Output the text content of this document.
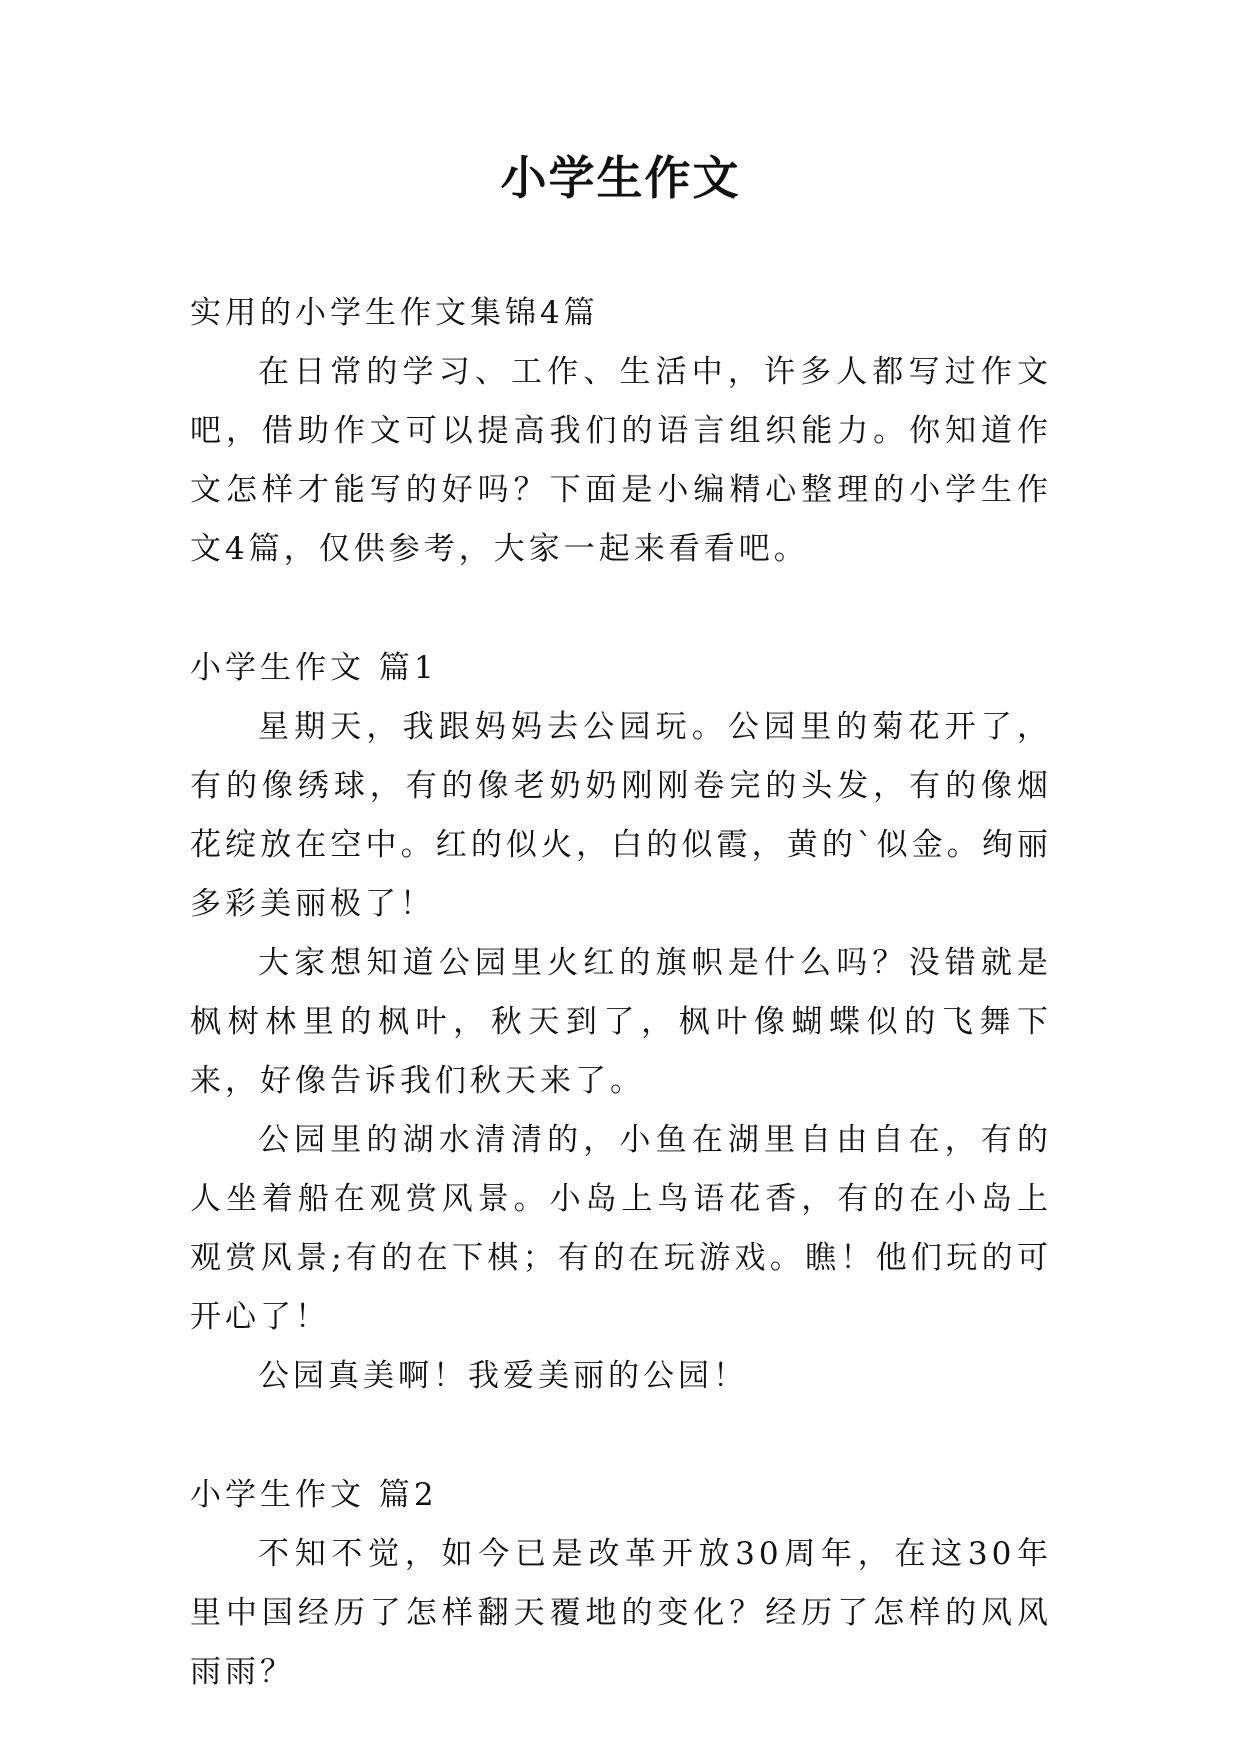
小学生作文

实用的小学生作文集锦4篇

在日常的学习、工作、生活中，许多人都写过作文吧，借助作文可以提高我们的语言组织能力。你知道作文怎样才能写的好吗？下面是小编精心整理的小学生作文4篇，仅供参考，大家一起来看看吧。

小学生作文 篇1

星期天，我跟妈妈去公园玩。公园里的菊花开了，有的像绣球，有的像老奶奶刚刚卷完的头发，有的像烟花绽放在空中。红的似火，白的似霞，黄的`似金。绚丽多彩美丽极了！

大家想知道公园里火红的旗帜是什么吗？没错就是枫树林里的枫叶，秋天到了，枫叶像蝴蝶似的飞舞下来，好像告诉我们秋天来了。

公园里的湖水清清的，小鱼在湖里自由自在，有的人坐着船在观赏风景。小岛上鸟语花香，有的在小岛上观赏风景;有的在下棋；有的在玩游戏。瞧！他们玩的可开心了！

公园真美啊！我爱美丽的公园！

小学生作文 篇2

不知不觉，如今已是改革开放30周年，在这30年里中国经历了怎样翻天覆地的变化？经历了怎样的风风雨雨？
